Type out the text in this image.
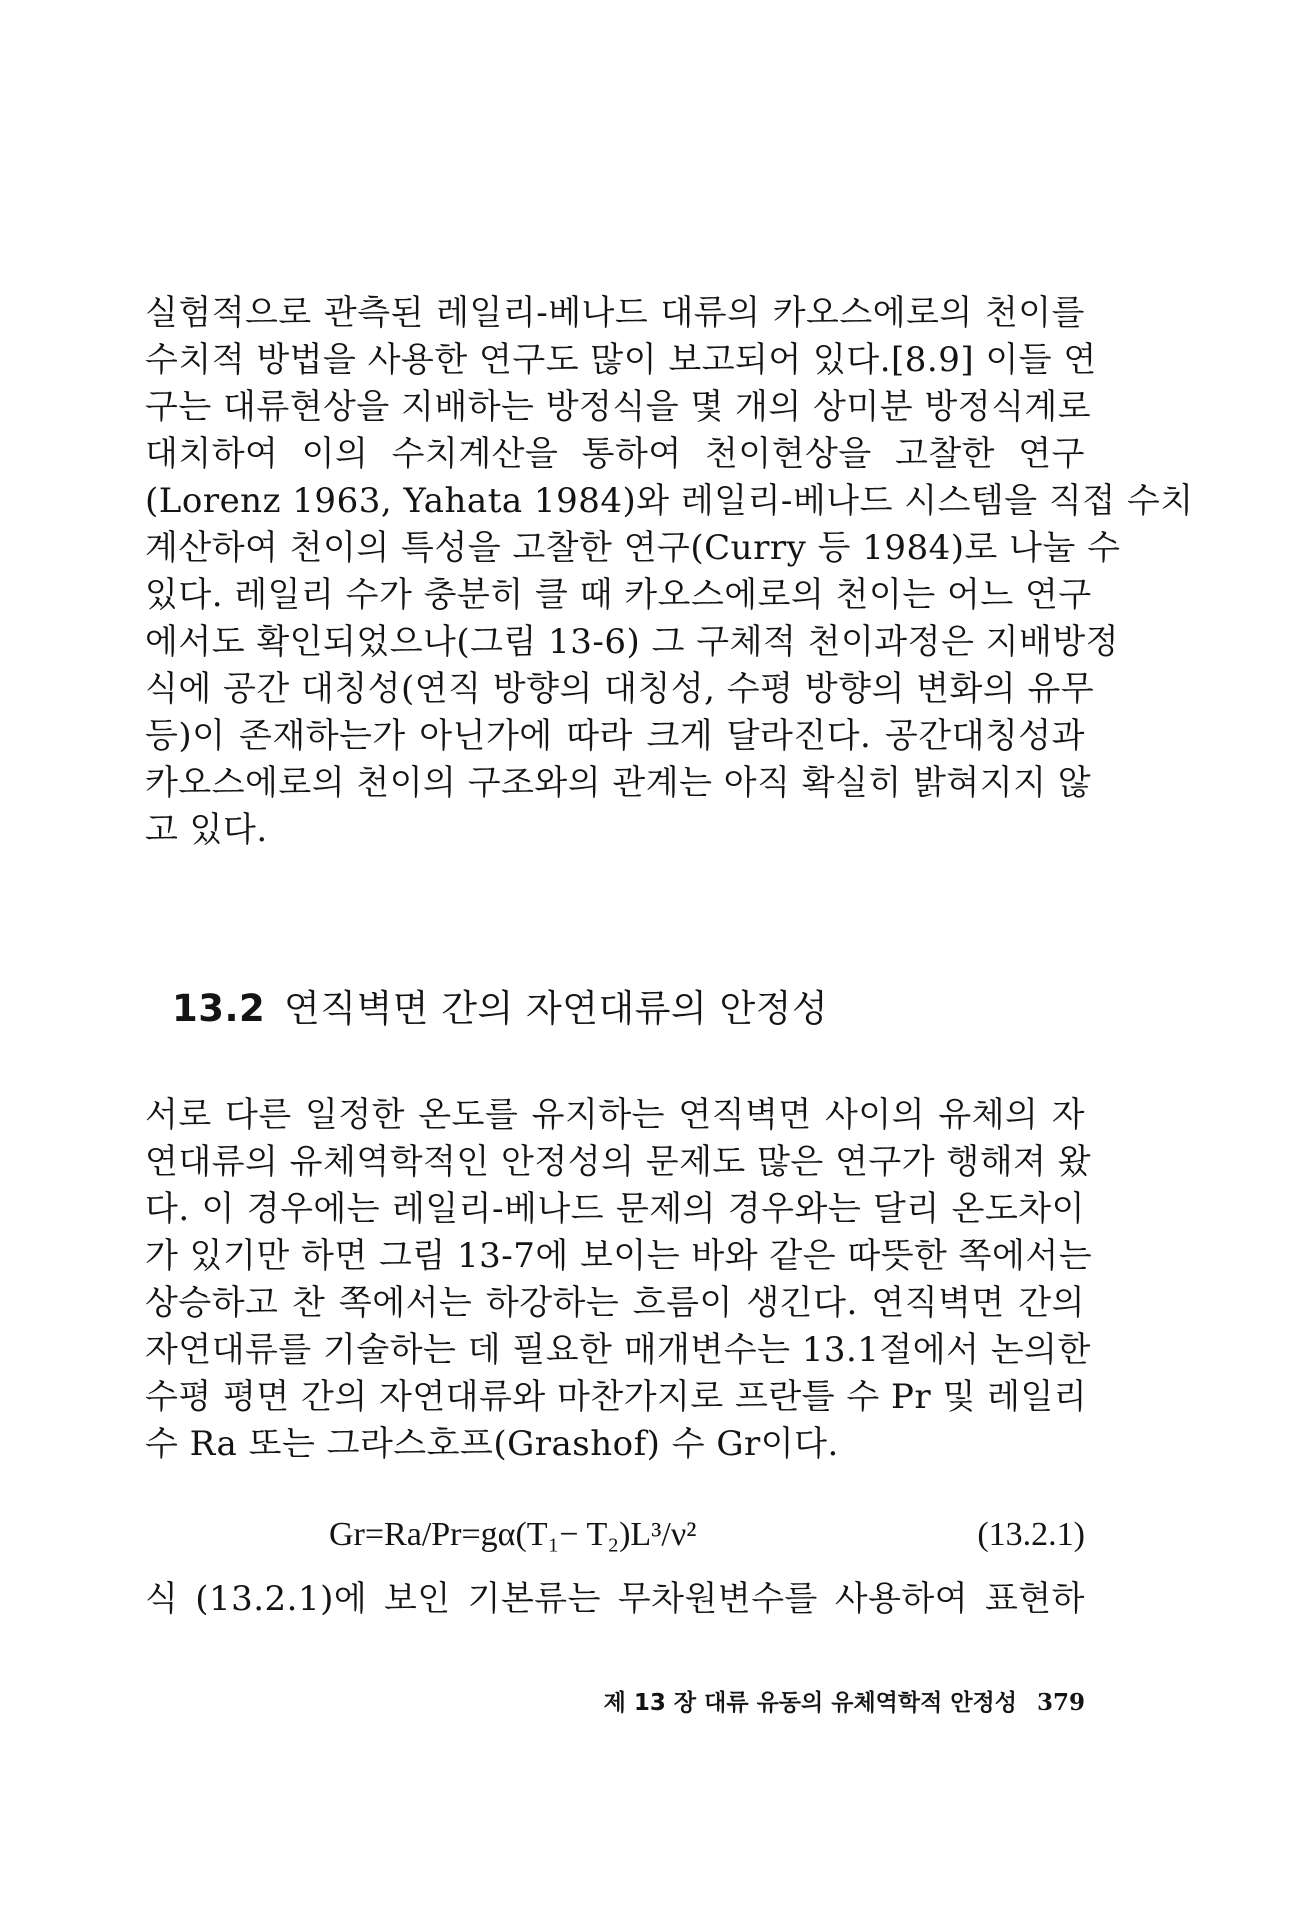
실험적으로 관측된 레일리-베나드 대류의 카오스에로의 천이를
수치적 방법을 사용한 연구도 많이 보고되어 있다.[8.9] 이들 연
구는 대류현상을 지배하는 방정식을 몇 개의 상미분 방정식계로
대치하여 이의 수치계산을 통하여 천이현상을 고찰한 연구
(Lorenz 1963, Yahata 1984)와 레일리-베나드 시스템을 직접 수치
계산하여 천이의 특성을 고찰한 연구(Curry 등 1984)로 나눌 수
있다. 레일리 수가 충분히 클 때 카오스에로의 천이는 어느 연구
에서도 확인되었으나(그림 13-6) 그 구체적 천이과정은 지배방정
식에 공간 대칭성(연직 방향의 대칭성, 수평 방향의 변화의 유무
등)이 존재하는가 아닌가에 따라 크게 달라진다. 공간대칭성과
카오스에로의 천이의 구조와의 관계는 아직 확실히 밝혀지지 않
고 있다.
13.2 연직벽면 간의 자연대류의 안정성
서로 다른 일정한 온도를 유지하는 연직벽면 사이의 유체의 자
연대류의 유체역학적인 안정성의 문제도 많은 연구가 행해져 왔
다. 이 경우에는 레일리-베나드 문제의 경우와는 달리 온도차이
가 있기만 하면 그림 13-7에 보이는 바와 같은 따뜻한 쪽에서는
상승하고 찬 쪽에서는 하강하는 흐름이 생긴다. 연직벽면 간의
자연대류를 기술하는 데 필요한 매개변수는 13.1절에서 논의한
수평 평면 간의 자연대류와 마찬가지로 프란틀 수 Pr 및 레일리
수 Ra 또는 그라스호프(Grashof) 수 Gr이다.
Gr=Ra/Pr=gα(T₁− T₂)L³/ν²	(13.2.1)
식 (13.2.1)에 보인 기본류는 무차원변수를 사용하여 표현하
제 13 장 대류 유동의 유체역학적 안정성 379
